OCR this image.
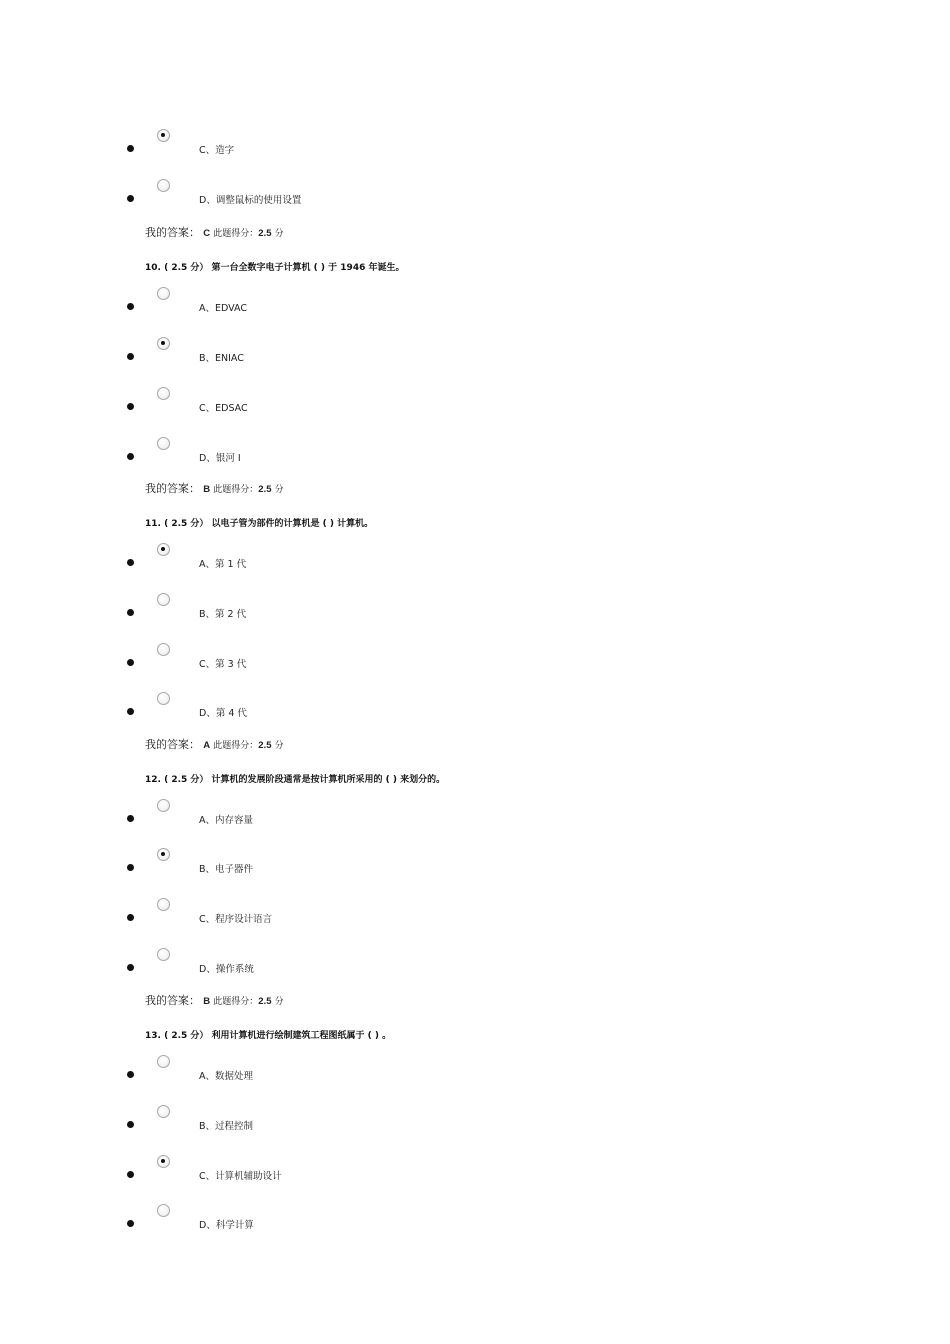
C、造字
D、调整鼠标的使用设置
我的答案： C 此题得分：2.5 分
10. ( 2.5 分） 第一台全数字电子计算机 ( ) 于 1946 年诞生。
A、EDVAC
B、ENIAC
C、EDSAC
D、银河 I
我的答案： B 此题得分：2.5 分
11. ( 2.5 分） 以电子管为部件的计算机是 ( ) 计算机。
A、第 1 代
B、第 2 代
C、第 3 代
D、第 4 代
我的答案： A 此题得分：2.5 分
12. ( 2.5 分） 计算机的发展阶段通常是按计算机所采用的 ( ) 来划分的。
A、内存容量
B、电子器件
C、程序设计语言
D、操作系统
我的答案： B 此题得分：2.5 分
13. ( 2.5 分） 利用计算机进行绘制建筑工程图纸属于 ( ) 。
A、数据处理
B、过程控制
C、计算机辅助设计
D、科学计算
